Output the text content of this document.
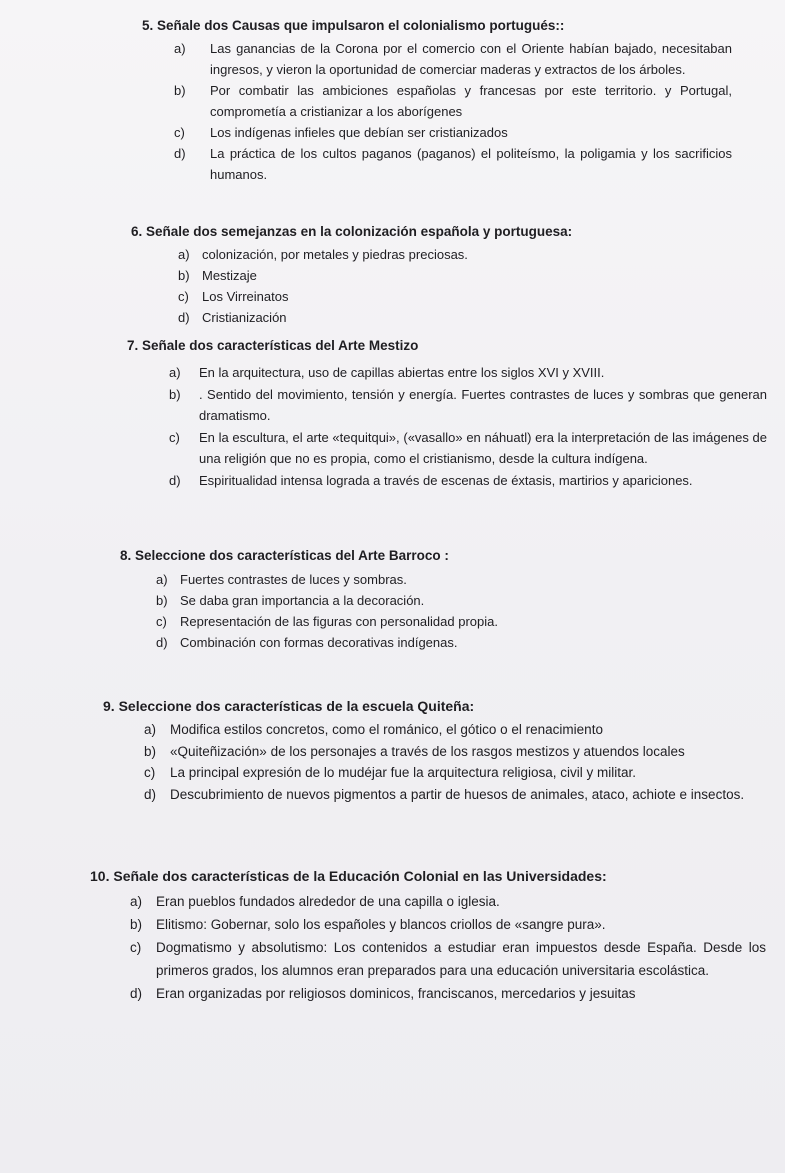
5. Señale dos Causas que impulsaron el colonialismo portugués::

a) Las ganancias de la Corona por el comercio con el Oriente habían bajado, necesitaban ingresos, y vieron la oportunidad de comerciar maderas y extractos de los árboles.
b) Por combatir las ambiciones españolas y francesas por este territorio. y Portugal, comprometía a cristianizar a los aborígenes
c) Los indígenas infieles que debían ser cristianizados
d) La práctica de los cultos paganos (paganos) el politeísmo, la poligamia y los sacrificios humanos.

6. Señale dos semejanzas en la colonización española y portuguesa:

a) colonización, por metales y piedras preciosas.
b) Mestizaje
c) Los Virreinatos
d) Cristianización

7. Señale dos características del Arte Mestizo

a) En la arquitectura, uso de capillas abiertas entre los siglos XVI y XVIII.
b) . Sentido del movimiento, tensión y energía. Fuertes contrastes de luces y sombras que generan dramatismo.
c) En la escultura, el arte «tequitqui», («vasallo» en náhuatl) era la interpretación de las imágenes de una religión que no es propia, como el cristianismo, desde la cultura indígena.
d) Espiritualidad intensa lograda a través de escenas de éxtasis, martirios y apariciones.

8. Seleccione dos características del Arte Barroco :

a) Fuertes contrastes de luces y sombras.
b) Se daba gran importancia a la decoración.
c) Representación de las figuras con personalidad propia.
d) Combinación con formas decorativas indígenas.

9. Seleccione dos características de la escuela Quiteña:

a) Modifica estilos concretos, como el románico, el gótico o el renacimiento
b) «Quiteñización» de los personajes a través de los rasgos mestizos y atuendos locales
c) La principal expresión de lo mudéjar fue la arquitectura religiosa, civil y militar.
d) Descubrimiento de nuevos pigmentos a partir de huesos de animales, ataco, achiote e insectos.

10. Señale dos características de la Educación Colonial en las Universidades:

a) Eran pueblos fundados alrededor de una capilla o iglesia.
b) Elitismo: Gobernar, solo los españoles y blancos criollos de «sangre pura».
c) Dogmatismo y absolutismo: Los contenidos a estudiar eran impuestos desde España. Desde los primeros grados, los alumnos eran preparados para una educación universitaria escolástica.
d) Eran organizadas por religiosos dominicos, franciscanos, mercedarios y jesuitas
